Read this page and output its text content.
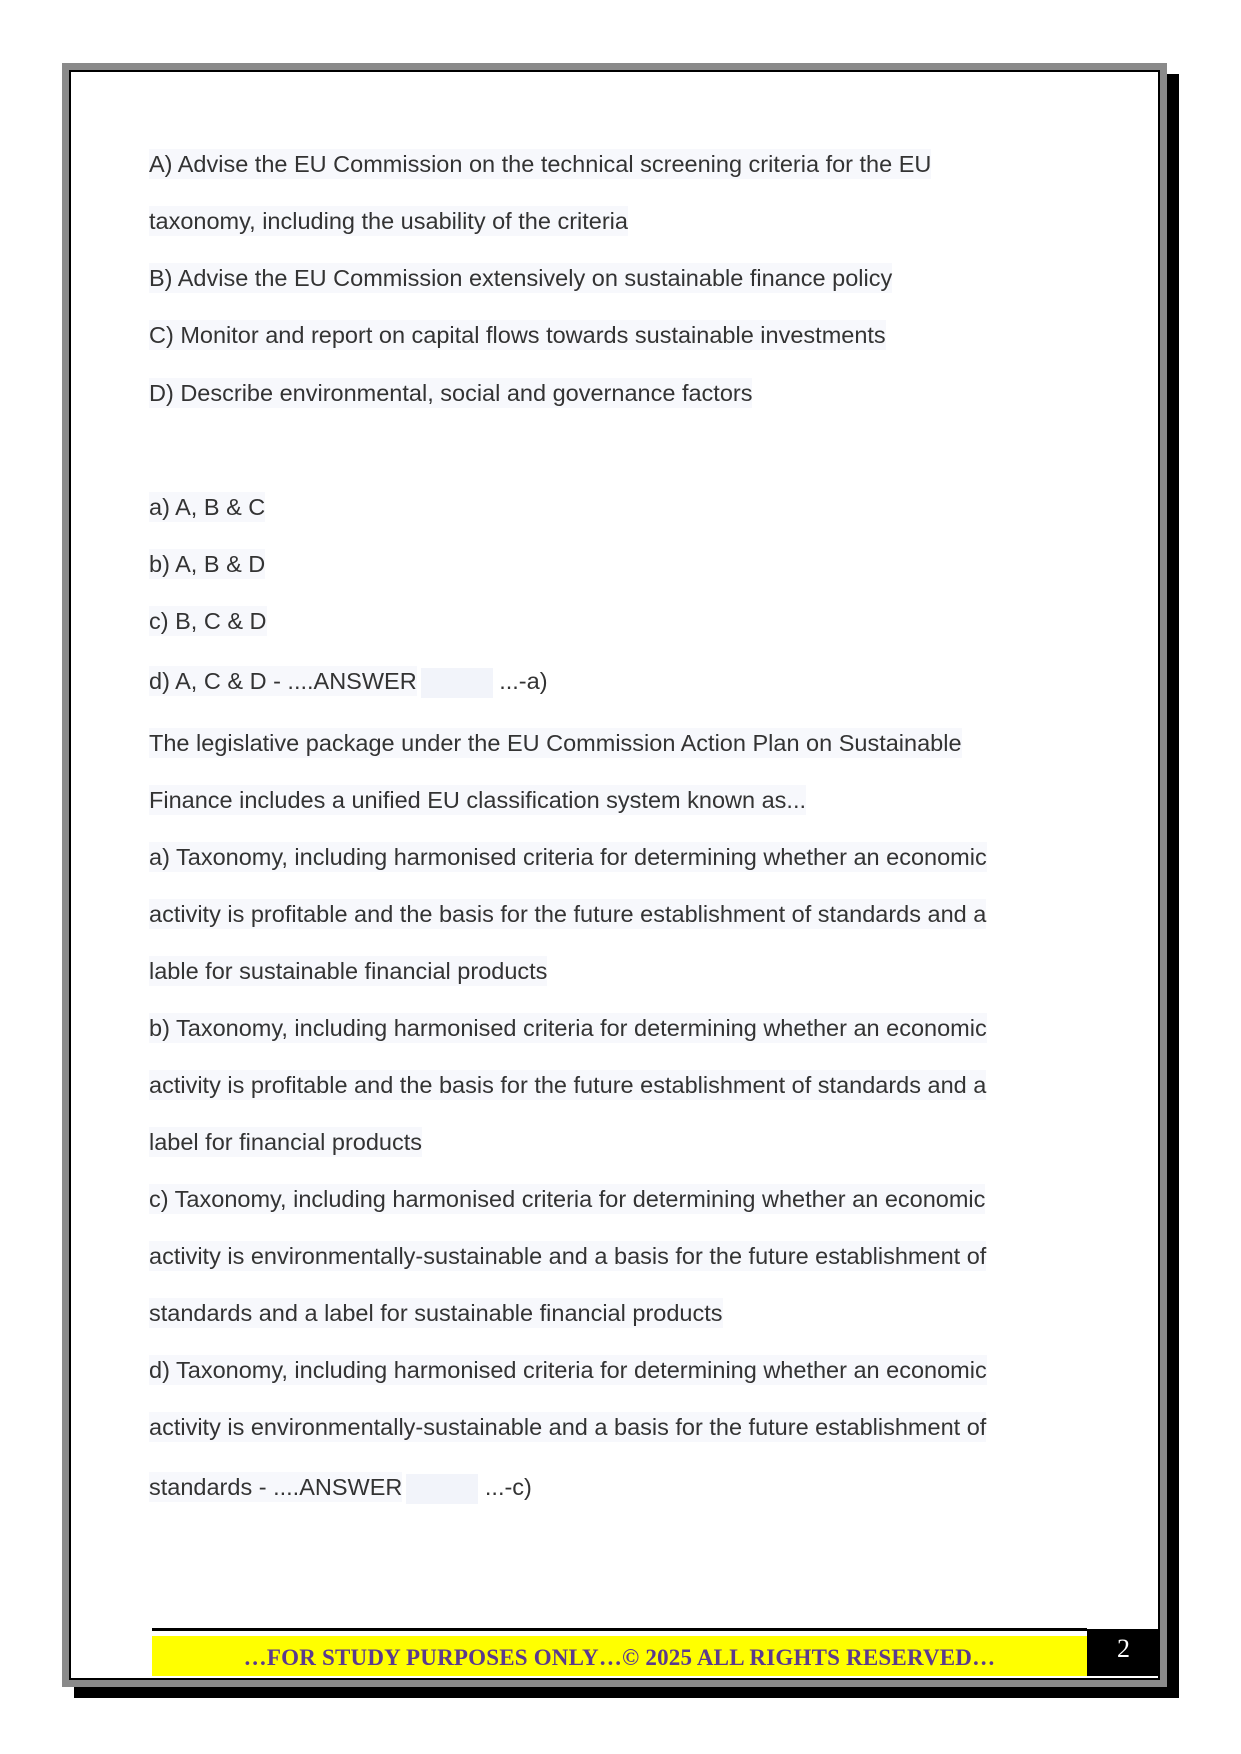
A) Advise the EU Commission on the technical screening criteria for the EU
taxonomy, including the usability of the criteria
B) Advise the EU Commission extensively on sustainable finance policy
C) Monitor and report on capital flows towards sustainable investments
D) Describe environmental, social and governance factors
a) A, B & C
b) A, B & D
c) B, C & D
d) A, C & D - ....ANSWER	...-a)
The legislative package under the EU Commission Action Plan on Sustainable
Finance includes a unified EU classification system known as...
a) Taxonomy, including harmonised criteria for determining whether an economic
activity is profitable and the basis for the future establishment of standards and a
lable for sustainable financial products
b) Taxonomy, including harmonised criteria for determining whether an economic
activity is profitable and the basis for the future establishment of standards and a
label for financial products
c) Taxonomy, including harmonised criteria for determining whether an economic
activity is environmentally-sustainable and a basis for the future establishment of
standards and a label for sustainable financial products
d) Taxonomy, including harmonised criteria for determining whether an economic
activity is environmentally-sustainable and a basis for the future establishment of
standards - ....ANSWER	...-c)
…FOR STUDY PURPOSES ONLY…© 2025 ALL RIGHTS RESERVED…	2
